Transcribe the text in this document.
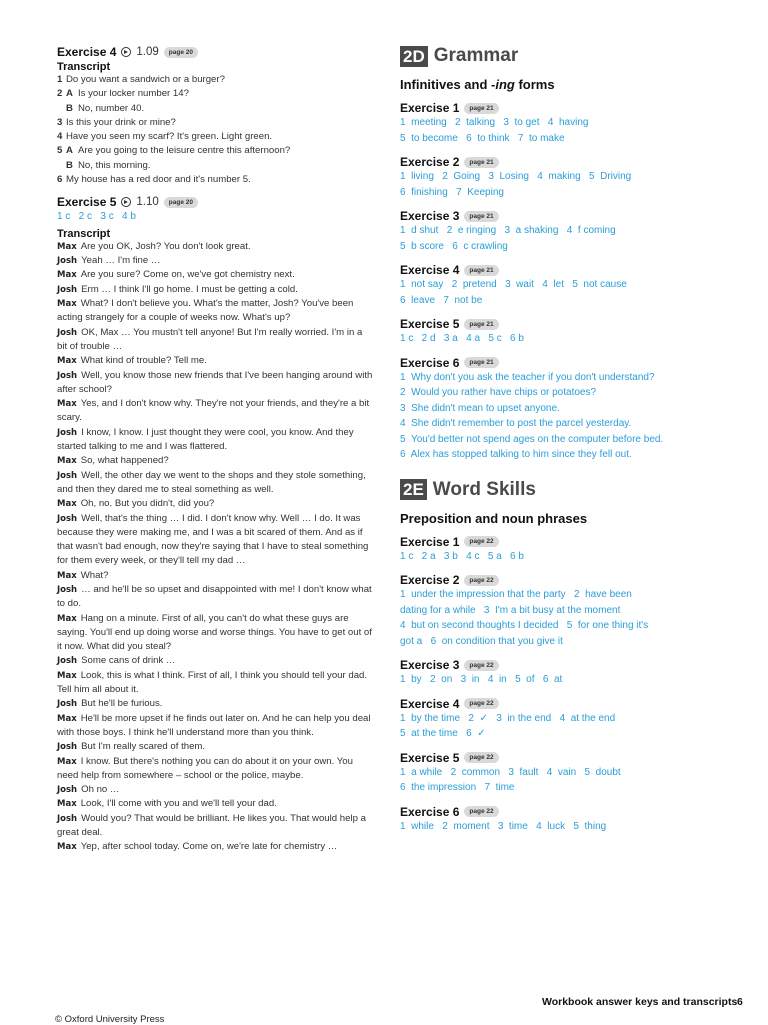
Exercise 4 1.09	page 20
Transcript
1 Do you want a sandwich or a burger?
2 A Is your locker number 14?
B No, number 40.
3 Is this your drink or mine?
4 Have you seen my scarf? It's green. Light green.
5 A Are you going to the leisure centre this afternoon?
B No, this morning.
6 My house has a red door and it's number 5.
Exercise 5 1.10	page 20
1 c   2 c   3 c   4 b
Transcript
Max Are you OK, Josh? You don't look great.
Josh Yeah … I'm fine …
Max Are you sure? Come on, we've got chemistry next.
Josh Erm … I think I'll go home. I must be getting a cold.
Max What? I don't believe you. What's the matter, Josh? You've been acting strangely for a couple of weeks now. What's up?
Josh OK, Max … You mustn't tell anyone! But I'm really worried. I'm in a bit of trouble …
Max What kind of trouble? Tell me.
Josh Well, you know those new friends that I've been hanging around with after school?
Max Yes, and I don't know why. They're not your friends, and they're a bit scary.
Josh I know, I know. I just thought they were cool, you know. And they started talking to me and I was flattered.
Max So, what happened?
Josh Well, the other day we went to the shops and they stole something, and then they dared me to steal something as well.
Max Oh, no. But you didn't, did you?
Josh Well, that's the thing … I did. I don't know why. Well … I do. It was because they were making me, and I was a bit scared of them. And as if that wasn't bad enough, now they're saying that I have to steal something for them every week, or they'll tell my dad …
Max What?
Josh … and he'll be so upset and disappointed with me! I don't know what to do.
Max Hang on a minute. First of all, you can't do what these guys are saying. You'll end up doing worse and worse things. You have to get out of it now. What did you steal?
Josh Some cans of drink …
Max Look, this is what I think. First of all, I think you should tell your dad. Tell him all about it.
Josh But he'll be furious.
Max He'll be more upset if he finds out later on. And he can help you deal with those boys. I think he'll understand more than you think.
Josh But I'm really scared of them.
Max I know. But there's nothing you can do about it on your own. You need help from somewhere – school or the police, maybe.
Josh Oh no …
Max Look, I'll come with you and we'll tell your dad.
Josh Would you? That would be brilliant. He likes you. That would help a great deal.
Max Yep, after school today. Come on, we're late for chemistry …
2D Grammar
Infinitives and -ing forms
Exercise 1	page 21
1  meeting   2  talking   3  to get   4  having
5  to become   6  to think   7  to make
Exercise 2	page 21
1  living   2  Going   3  Losing   4  making   5  Driving
6  finishing   7  Keeping
Exercise 3	page 21
1  d shut   2  e ringing   3  a shaking   4  f coming
5  b score   6  c crawling
Exercise 4	page 21
1  not say   2  pretend   3  wait   4  let   5  not cause
6  leave   7  not be
Exercise 5	page 21
1 c   2 d   3 a   4 a   5 c   6 b
Exercise 6	page 21
1  Why don't you ask the teacher if you don't understand?
2  Would you rather have chips or potatoes?
3  She didn't mean to upset anyone.
4  She didn't remember to post the parcel yesterday.
5  You'd better not spend ages on the computer before bed.
6  Alex has stopped talking to him since they fell out.
2E Word Skills
Preposition and noun phrases
Exercise 1	page 22
1 c   2 a   3 b   4 c   5 a   6 b
Exercise 2	page 22
1  under the impression that the party   2  have been
dating for a while   3  I'm a bit busy at the moment
4  but on second thoughts I decided   5  for one thing it's
got a   6  on condition that you give it
Exercise 3	page 22
1  by   2  on   3  in   4  in   5  of   6  at
Exercise 4	page 22
1  by the time   2  ✓   3  in the end   4  at the end
5  at the time   6  ✓
Exercise 5	page 22
1  a while   2  common   3  fault   4  vain   5  doubt
6  the impression   7  time
Exercise 6	page 22
1  while   2  moment   3  time   4  luck   5  thing
Workbook answer keys and transcripts 6
© Oxford University Press
